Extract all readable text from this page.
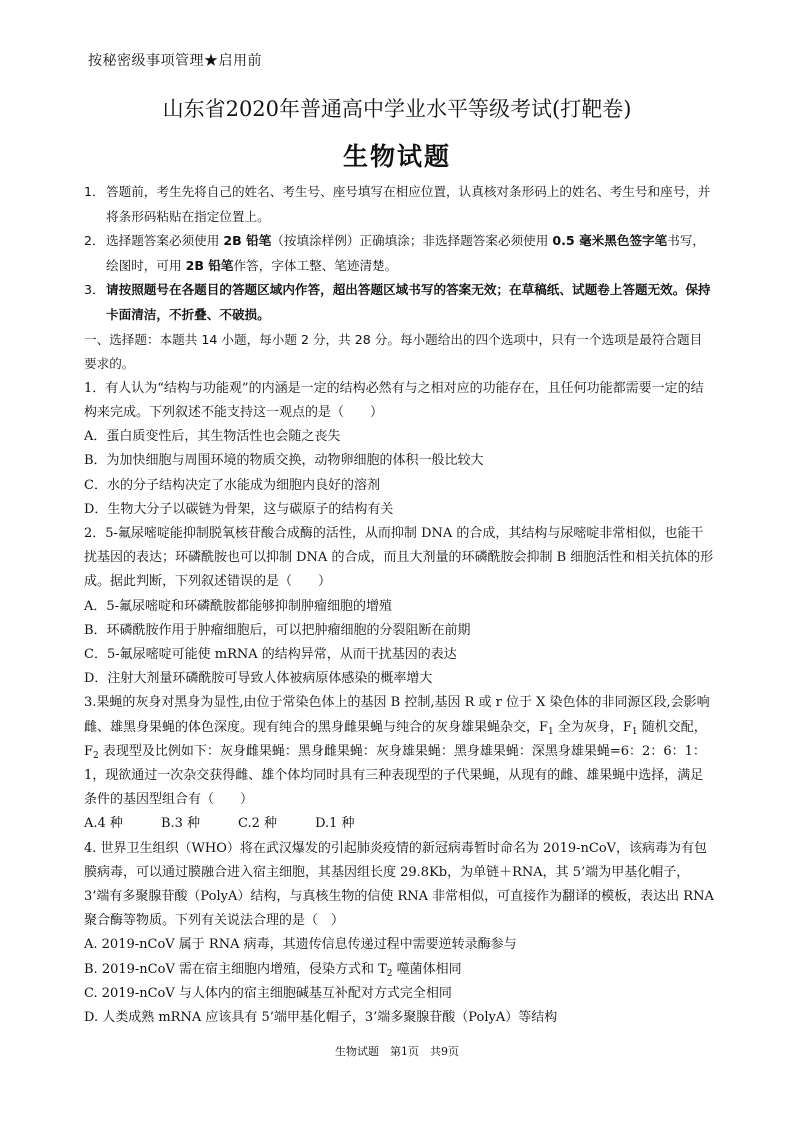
按秘密级事项管理★启用前
山东省2020年普通高中学业水平等级考试(打靶卷)
生物试题
1． 答题前，考生先将自己的姓名、考生号、座号填写在相应位置，认真核对条形码上的姓名、考生号和座号，并将条形码粘贴在指定位置上。
2． 选择题答案必须使用 2B 铅笔（按填涂样例）正确填涂；非选择题答案必须使用 0.5 毫米黑色签字笔书写，绘图时，可用 2B 铅笔作答，字体工整、笔迹清楚。
3． 请按照题号在各题目的答题区域内作答，超出答题区域书写的答案无效；在草稿纸、试题卷上答题无效。保持卡面清洁，不折叠、不破损。

一、选择题：本题共 14 小题，每小题 2 分，共 28 分。每小题给出的四个选项中，只有一个选项是最符合题目要求的。

1．有人认为“结构与功能观”的内涵是一定的结构必然有与之相对应的功能存在，且任何功能都需要一定的结构来完成。下列叙述不能支持这一观点的是（　　）

A．蛋白质变性后，其生物活性也会随之丧失

B．为加快细胞与周围环境的物质交换，动物卵细胞的体积一般比较大

C．水的分子结构决定了水能成为细胞内良好的溶剂

D．生物大分子以碳链为骨架，这与碳原子的结构有关

2．5-氟尿嘧啶能抑制脱氧核苷酸合成酶的活性，从而抑制 DNA 的合成，其结构与尿嘧啶非常相似，也能干扰基因的表达；环磷酰胺也可以抑制 DNA 的合成，而且大剂量的环磷酰胺会抑制 B 细胞活性和相关抗体的形成。据此判断，下列叙述错误的是（　　）

A．5-氟尿嘧啶和环磷酰胺都能够抑制肿瘤细胞的增殖

B．环磷酰胺作用于肿瘤细胞后，可以把肿瘤细胞的分裂阻断在前期

C．5-氟尿嘧啶可能使 mRNA 的结构异常，从而干扰基因的表达

D．注射大剂量环磷酰胺可导致人体被病原体感染的概率增大

3.果蝇的灰身对黑身为显性,由位于常染色体上的基因 B 控制,基因 R 或 r 位于 X 染色体的非同源区段,会影响雌、雄黑身果蝇的体色深度。现有纯合的黑身雌果蝇与纯合的灰身雄果蝇杂交，$F_1$ 全为灰身，$F_1$ 随机交配，$F_2$ 表现型及比例如下：灰身雌果蝇：黑身雌果蝇：灰身雄果蝇：黑身雄果蝇：深黑身雄果蝇=6：2：6：1：1，现欲通过一次杂交获得雌、雄个体均同时具有三种表现型的子代果蝇，从现有的雌、雄果蝇中选择，满足条件的基因型组合有（　　）

A.4 种	B.3 种	C.2 种	D.1 种

4. 世界卫生组织（WHO）将在武汉爆发的引起肺炎疫情的新冠病毒暂时命名为 2019-nCoV，该病毒为有包膜病毒，可以通过膜融合进入宿主细胞，其基因组长度 29.8Kb，为单链＋RNA，其 5’端为甲基化帽子，3’端有多聚腺苷酸（PolyA）结构，与真核生物的信使 RNA 非常相似，可直接作为翻译的模板，表达出 RNA 聚合酶等物质。下列有关说法合理的是（　）

A. 2019-nCoV 属于 RNA 病毒，其遗传信息传递过程中需要逆转录酶参与

B. 2019-nCoV 需在宿主细胞内增殖，侵染方式和 $T_2$ 噬菌体相同

C. 2019-nCoV 与人体内的宿主细胞碱基互补配对方式完全相同

D. 人类成熟 mRNA 应该具有 5’端甲基化帽子，3’端多聚腺苷酸（PolyA）等结构

生物试题　第1页　共9页
